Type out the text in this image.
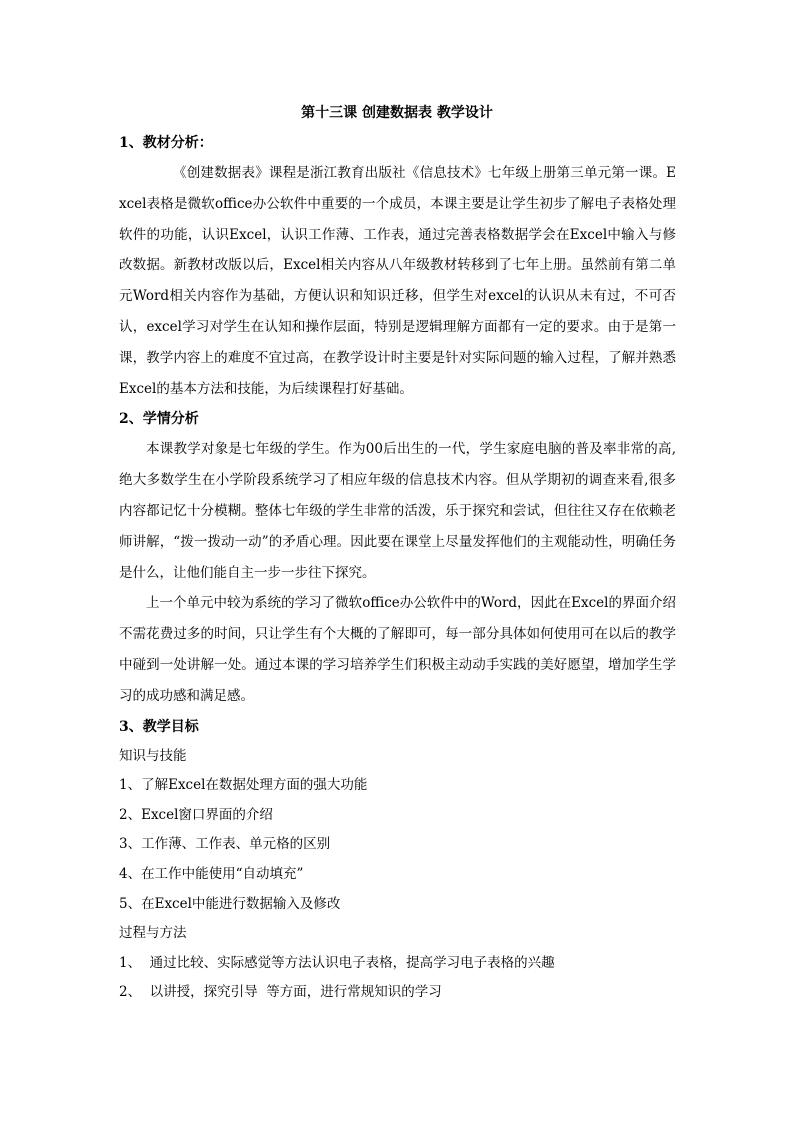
第十三课 创建数据表 教学设计

1、教材分析：

《创建数据表》课程是浙江教育出版社《信息技术》七年级上册第三单元第一课。Excel表格是微软office办公软件中重要的一个成员，本课主要是让学生初步了解电子表格处理软件的功能，认识Excel，认识工作薄、工作表，通过完善表格数据学会在Excel中输入与修改数据。新教材改版以后，Excel相关内容从八年级教材转移到了七年上册。虽然前有第二单元Word相关内容作为基础，方便认识和知识迁移，但学生对excel的认识从未有过，不可否认，excel学习对学生在认知和操作层面，特别是逻辑理解方面都有一定的要求。由于是第一课，教学内容上的难度不宜过高，在教学设计时主要是针对实际问题的输入过程，了解并熟悉Excel的基本方法和技能，为后续课程打好基础。

2、学情分析

本课教学对象是七年级的学生。作为00后出生的一代，学生家庭电脑的普及率非常的高,绝大多数学生在小学阶段系统学习了相应年级的信息技术内容。但从学期初的调查来看,很多内容都记忆十分模糊。整体七年级的学生非常的活泼，乐于探究和尝试，但往往又存在依赖老师讲解，“拨一拨动一动”的矛盾心理。因此要在课堂上尽量发挥他们的主观能动性，明确任务是什么，让他们能自主一步一步往下探究。

上一个单元中较为系统的学习了微软office办公软件中的Word，因此在Excel的界面介绍不需花费过多的时间，只让学生有个大概的了解即可，每一部分具体如何使用可在以后的教学中碰到一处讲解一处。通过本课的学习培养学生们积极主动动手实践的美好愿望，增加学生学习的成功感和满足感。

3、教学目标

知识与技能

1、了解Excel在数据处理方面的强大功能

2、Excel窗口界面的介绍

3、工作薄、工作表、单元格的区别

4、在工作中能使用“自动填充”

5、在Excel中能进行数据输入及修改

过程与方法

1、  通过比较、实际感觉等方法认识电子表格，提高学习电子表格的兴趣

2、  以讲授，探究引导  等方面，进行常规知识的学习
